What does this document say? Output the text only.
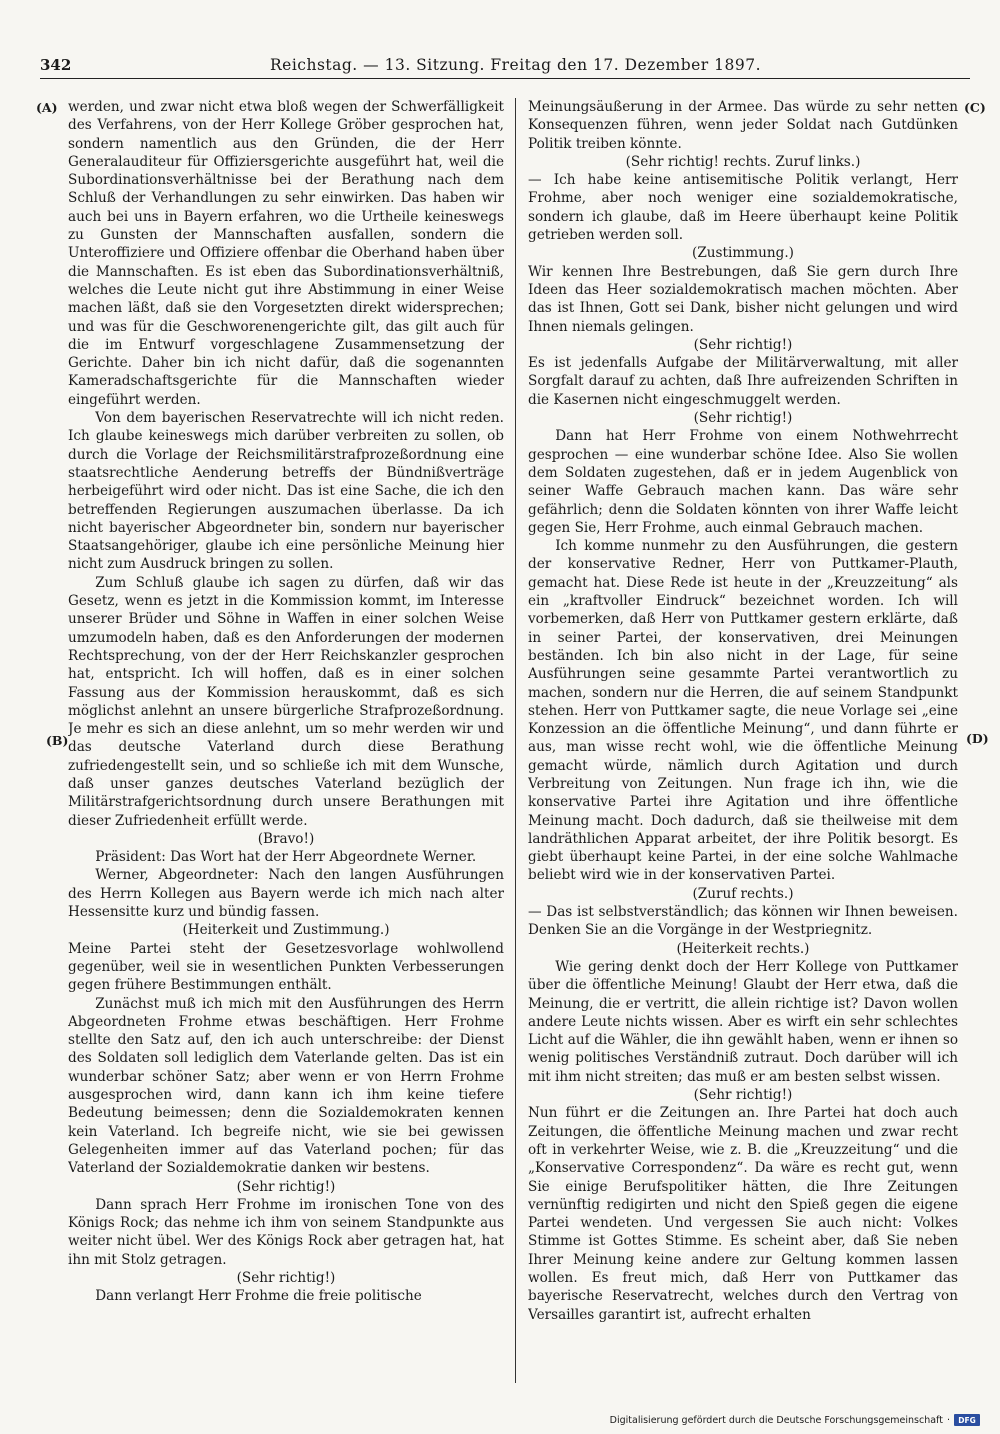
342	Reichstag. — 13. Sitzung. Freitag den 17. Dezember 1897.
(A)
(B)
(C)
(D)

werden, und zwar nicht etwa bloß wegen der Schwerfälligkeit des Verfahrens, von der Herr Kollege Gröber gesprochen hat, sondern namentlich aus den Gründen, die der Herr Generalauditeur für Offiziersgerichte ausgeführt hat, weil die Subordinationsverhältnisse bei der Berathung nach dem Schluß der Verhandlungen zu sehr einwirken. Das haben wir auch bei uns in Bayern erfahren, wo die Urtheile keineswegs zu Gunsten der Mannschaften ausfallen, sondern die Unteroffiziere und Offiziere offenbar die Oberhand haben über die Mannschaften. Es ist eben das Subordinationsverhältniß, welches die Leute nicht gut ihre Abstimmung in einer Weise machen läßt, daß sie den Vorgesetzten direkt widersprechen; und was für die Geschworenengerichte gilt, das gilt auch für die im Entwurf vorgeschlagene Zusammensetzung der Gerichte. Daher bin ich nicht dafür, daß die sogenannten Kameradschaftsgerichte für die Mannschaften wieder eingeführt werden.

Von dem bayerischen Reservatrechte will ich nicht reden. Ich glaube keineswegs mich darüber verbreiten zu sollen, ob durch die Vorlage der Reichsmilitärstrafprozeßordnung eine staatsrechtliche Aenderung betreffs der Bündnißverträge herbeigeführt wird oder nicht. Das ist eine Sache, die ich den betreffenden Regierungen auszumachen überlasse. Da ich nicht bayerischer Abgeordneter bin, sondern nur bayerischer Staatsangehöriger, glaube ich eine persönliche Meinung hier nicht zum Ausdruck bringen zu sollen.

Zum Schluß glaube ich sagen zu dürfen, daß wir das Gesetz, wenn es jetzt in die Kommission kommt, im Interesse unserer Brüder und Söhne in Waffen in einer solchen Weise umzumodeln haben, daß es den Anforderungen der modernen Rechtsprechung, von der der Herr Reichskanzler gesprochen hat, entspricht. Ich will hoffen, daß es in einer solchen Fassung aus der Kommission herauskommt, daß es sich möglichst anlehnt an unsere bürgerliche Strafprozeßordnung. Je mehr es sich an diese anlehnt, um so mehr werden wir und das deutsche Vaterland durch diese Berathung zufriedengestellt sein, und so schließe ich mit dem Wunsche, daß unser ganzes deutsches Vaterland bezüglich der Militärstrafgerichtsordnung durch unsere Berathungen mit dieser Zufriedenheit erfüllt werde.

(Bravo!)

Präsident: Das Wort hat der Herr Abgeordnete Werner.

Werner, Abgeordneter: Nach den langen Ausführungen des Herrn Kollegen aus Bayern werde ich mich nach alter Hessensitte kurz und bündig fassen.

(Heiterkeit und Zustimmung.)

Meine Partei steht der Gesetzesvorlage wohlwollend gegenüber, weil sie in wesentlichen Punkten Verbesserungen gegen frühere Bestimmungen enthält.

Zunächst muß ich mich mit den Ausführungen des Herrn Abgeordneten Frohme etwas beschäftigen. Herr Frohme stellte den Satz auf, den ich auch unterschreibe: der Dienst des Soldaten soll lediglich dem Vaterlande gelten. Das ist ein wunderbar schöner Satz; aber wenn er von Herrn Frohme ausgesprochen wird, dann kann ich ihm keine tiefere Bedeutung beimessen; denn die Sozialdemokraten kennen kein Vaterland. Ich begreife nicht, wie sie bei gewissen Gelegenheiten immer auf das Vaterland pochen; für das Vaterland der Sozialdemokratie danken wir bestens.

(Sehr richtig!)

Dann sprach Herr Frohme im ironischen Tone von des Königs Rock; das nehme ich ihm von seinem Standpunkte aus weiter nicht übel. Wer des Königs Rock aber getragen hat, hat ihn mit Stolz getragen.

(Sehr richtig!)

Dann verlangt Herr Frohme die freie politische

Meinungsäußerung in der Armee. Das würde zu sehr netten Konsequenzen führen, wenn jeder Soldat nach Gutdünken Politik treiben könnte.

(Sehr richtig! rechts. Zuruf links.)

— Ich habe keine antisemitische Politik verlangt, Herr Frohme, aber noch weniger eine sozialdemokratische, sondern ich glaube, daß im Heere überhaupt keine Politik getrieben werden soll.

(Zustimmung.)

Wir kennen Ihre Bestrebungen, daß Sie gern durch Ihre Ideen das Heer sozialdemokratisch machen möchten. Aber das ist Ihnen, Gott sei Dank, bisher nicht gelungen und wird Ihnen niemals gelingen.

(Sehr richtig!)

Es ist jedenfalls Aufgabe der Militärverwaltung, mit aller Sorgfalt darauf zu achten, daß Ihre aufreizenden Schriften in die Kasernen nicht eingeschmuggelt werden.

(Sehr richtig!)

Dann hat Herr Frohme von einem Nothwehrrecht gesprochen — eine wunderbar schöne Idee. Also Sie wollen dem Soldaten zugestehen, daß er in jedem Augenblick von seiner Waffe Gebrauch machen kann. Das wäre sehr gefährlich; denn die Soldaten könnten von ihrer Waffe leicht gegen Sie, Herr Frohme, auch einmal Gebrauch machen.

Ich komme nunmehr zu den Ausführungen, die gestern der konservative Redner, Herr von Puttkamer-Plauth, gemacht hat. Diese Rede ist heute in der „Kreuzzeitung“ als ein „kraftvoller Eindruck“ bezeichnet worden. Ich will vorbemerken, daß Herr von Puttkamer gestern erklärte, daß in seiner Partei, der konservativen, drei Meinungen beständen. Ich bin also nicht in der Lage, für seine Ausführungen seine gesammte Partei verantwortlich zu machen, sondern nur die Herren, die auf seinem Standpunkt stehen. Herr von Puttkamer sagte, die neue Vorlage sei „eine Konzession an die öffentliche Meinung“, und dann führte er aus, man wisse recht wohl, wie die öffentliche Meinung gemacht würde, nämlich durch Agitation und durch Verbreitung von Zeitungen. Nun frage ich ihn, wie die konservative Partei ihre Agitation und ihre öffentliche Meinung macht. Doch dadurch, daß sie theilweise mit dem landräthlichen Apparat arbeitet, der ihre Politik besorgt. Es giebt überhaupt keine Partei, in der eine solche Wahlmache beliebt wird wie in der konservativen Partei.

(Zuruf rechts.)

— Das ist selbstverständlich; das können wir Ihnen beweisen. Denken Sie an die Vorgänge in der Westpriegnitz.

(Heiterkeit rechts.)

Wie gering denkt doch der Herr Kollege von Puttkamer über die öffentliche Meinung! Glaubt der Herr etwa, daß die Meinung, die er vertritt, die allein richtige ist? Davon wollen andere Leute nichts wissen. Aber es wirft ein sehr schlechtes Licht auf die Wähler, die ihn gewählt haben, wenn er ihnen so wenig politisches Verständniß zutraut. Doch darüber will ich mit ihm nicht streiten; das muß er am besten selbst wissen.

(Sehr richtig!)

Nun führt er die Zeitungen an. Ihre Partei hat doch auch Zeitungen, die öffentliche Meinung machen und zwar recht oft in verkehrter Weise, wie z. B. die „Kreuzzeitung“ und die „Konservative Correspondenz“. Da wäre es recht gut, wenn Sie einige Berufspolitiker hätten, die Ihre Zeitungen vernünftig redigirten und nicht den Spieß gegen die eigene Partei wendeten. Und vergessen Sie auch nicht: Volkes Stimme ist Gottes Stimme. Es scheint aber, daß Sie neben Ihrer Meinung keine andere zur Geltung kommen lassen wollen. Es freut mich, daß Herr von Puttkamer das bayerische Reservatrecht, welches durch den Vertrag von Versailles garantirt ist, aufrecht erhalten

Digitalisierung gefördert durch die Deutsche Forschungsgemeinschaft · DFG
